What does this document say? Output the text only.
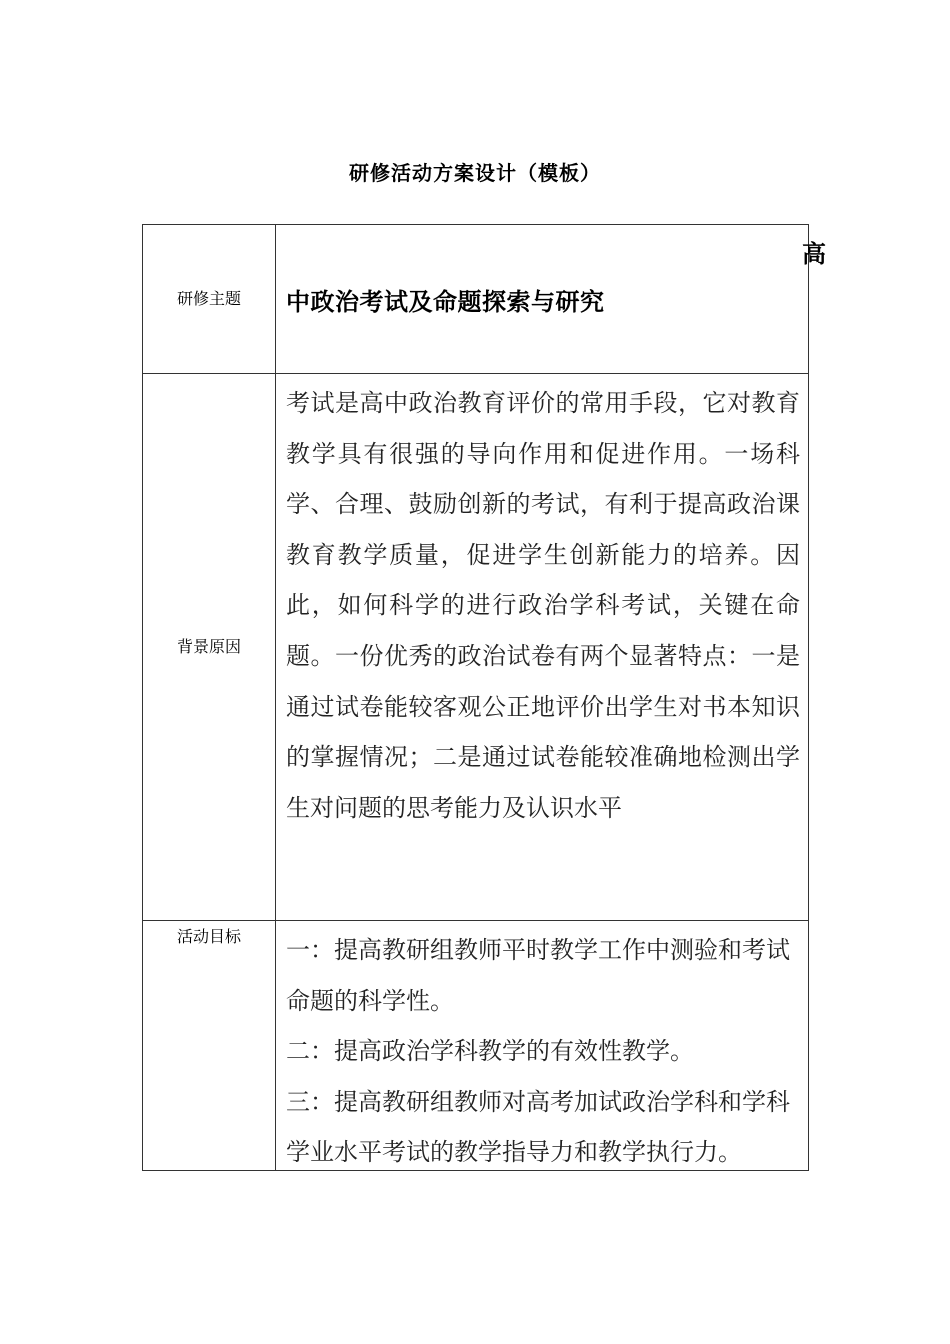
研修活动方案设计（模板）
研修主题	高
中政治考试及命题探索与研究

背景原因	考试是高中政治教育评价的常用手段，它对教育教学具有很强的导向作用和促进作用。一场科学、合理、鼓励创新的考试，有利于提高政治课教育教学质量，促进学生创新能力的培养。因此，如何科学的进行政治学科考试，关键在命题。一份优秀的政治试卷有两个显著特点：一是通过试卷能较客观公正地评价出学生对书本知识的掌握情况；二是通过试卷能较准确地检测出学生对问题的思考能力及认识水平

活动目标	一：提高教研组教师平时教学工作中测验和考试命题的科学性。
二：提高政治学科教学的有效性教学。
三：提高教研组教师对高考加试政治学科和学科学业水平考试的教学指导力和教学执行力。
